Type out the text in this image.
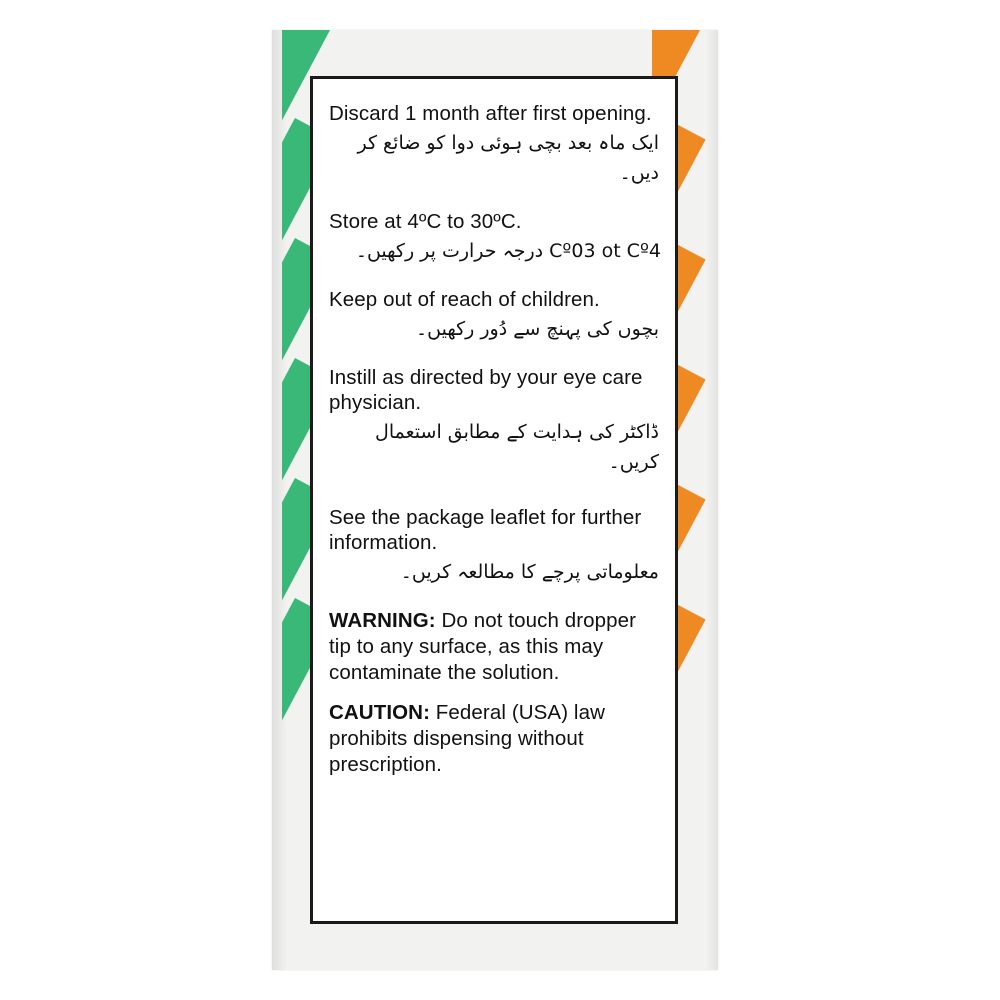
Discard 1 month after first opening.
ایک ماہ بعد بچی ہوئی دوا کو ضائع کر دیں۔
Store at 4ºC to 30ºC.
4ºC to 30ºC درجہ حرارت پر رکھیں۔
Keep out of reach of children.
بچوں کی پہنچ سے دُور رکھیں۔
Instill as directed by your eye care physician.
ڈاکٹر کی ہدایت کے مطابق استعمال کریں۔
See the package leaflet for further information.
معلوماتی پرچے کا مطالعہ کریں۔
WARNING: Do not touch dropper tip to any surface, as this may contaminate the solution.
CAUTION: Federal (USA) law prohibits dispensing without prescription.
